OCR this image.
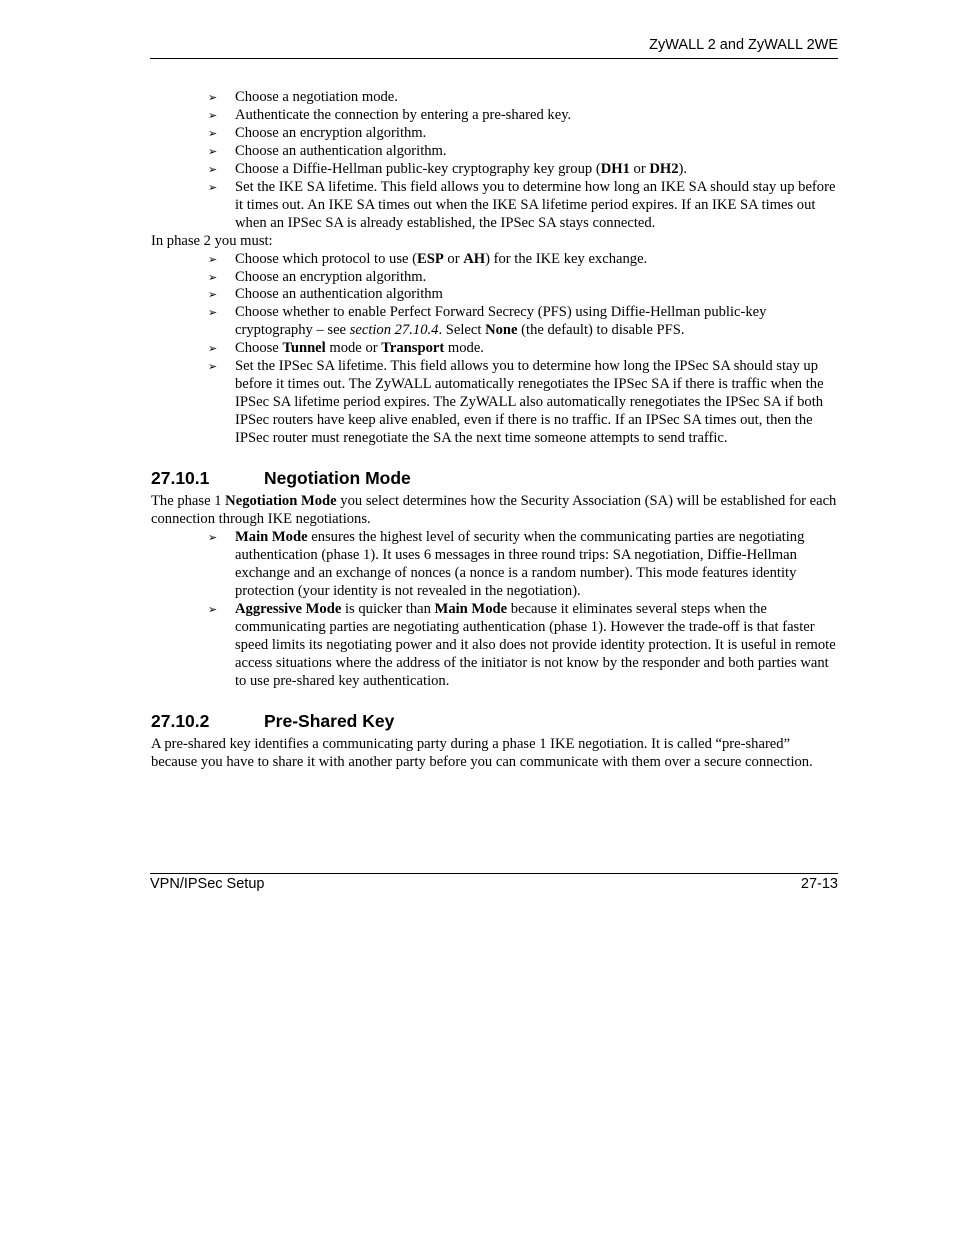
ZyWALL 2 and ZyWALL 2WE
➢ Choose a negotiation mode.
➢ Authenticate the connection by entering a pre-shared key.
➢ Choose an encryption algorithm.
➢ Choose an authentication algorithm.
➢ Choose a Diffie-Hellman public-key cryptography key group (DH1 or DH2).
➢ Set the IKE SA lifetime. This field allows you to determine how long an IKE SA should stay up before it times out. An IKE SA times out when the IKE SA lifetime period expires. If an IKE SA times out when an IPSec SA is already established, the IPSec SA stays connected.

In phase 2 you must:

➢ Choose which protocol to use (ESP or AH) for the IKE key exchange.
➢ Choose an encryption algorithm.
➢ Choose an authentication algorithm
➢ Choose whether to enable Perfect Forward Secrecy (PFS) using Diffie-Hellman public-key cryptography – see section 27.10.4. Select None (the default) to disable PFS.
➢ Choose Tunnel mode or Transport mode.
➢ Set the IPSec SA lifetime. This field allows you to determine how long the IPSec SA should stay up before it times out. The ZyWALL automatically renegotiates the IPSec SA if there is traffic when the IPSec SA lifetime period expires. The ZyWALL also automatically renegotiates the IPSec SA if both IPSec routers have keep alive enabled, even if there is no traffic. If an IPSec SA times out, then the IPSec router must renegotiate the SA the next time someone attempts to send traffic.
27.10.1	Negotiation Mode

The phase 1 Negotiation Mode you select determines how the Security Association (SA) will be established for each connection through IKE negotiations.

➢ Main Mode ensures the highest level of security when the communicating parties are negotiating authentication (phase 1). It uses 6 messages in three round trips: SA negotiation, Diffie-Hellman exchange and an exchange of nonces (a nonce is a random number). This mode features identity protection (your identity is not revealed in the negotiation).
➢ Aggressive Mode is quicker than Main Mode because it eliminates several steps when the communicating parties are negotiating authentication (phase 1). However the trade-off is that faster speed limits its negotiating power and it also does not provide identity protection. It is useful in remote access situations where the address of the initiator is not know by the responder and both parties want to use pre-shared key authentication.
27.10.2	Pre-Shared Key

A pre-shared key identifies a communicating party during a phase 1 IKE negotiation. It is called “pre-shared” because you have to share it with another party before you can communicate with them over a secure connection.

VPN/IPSec Setup	27-13
